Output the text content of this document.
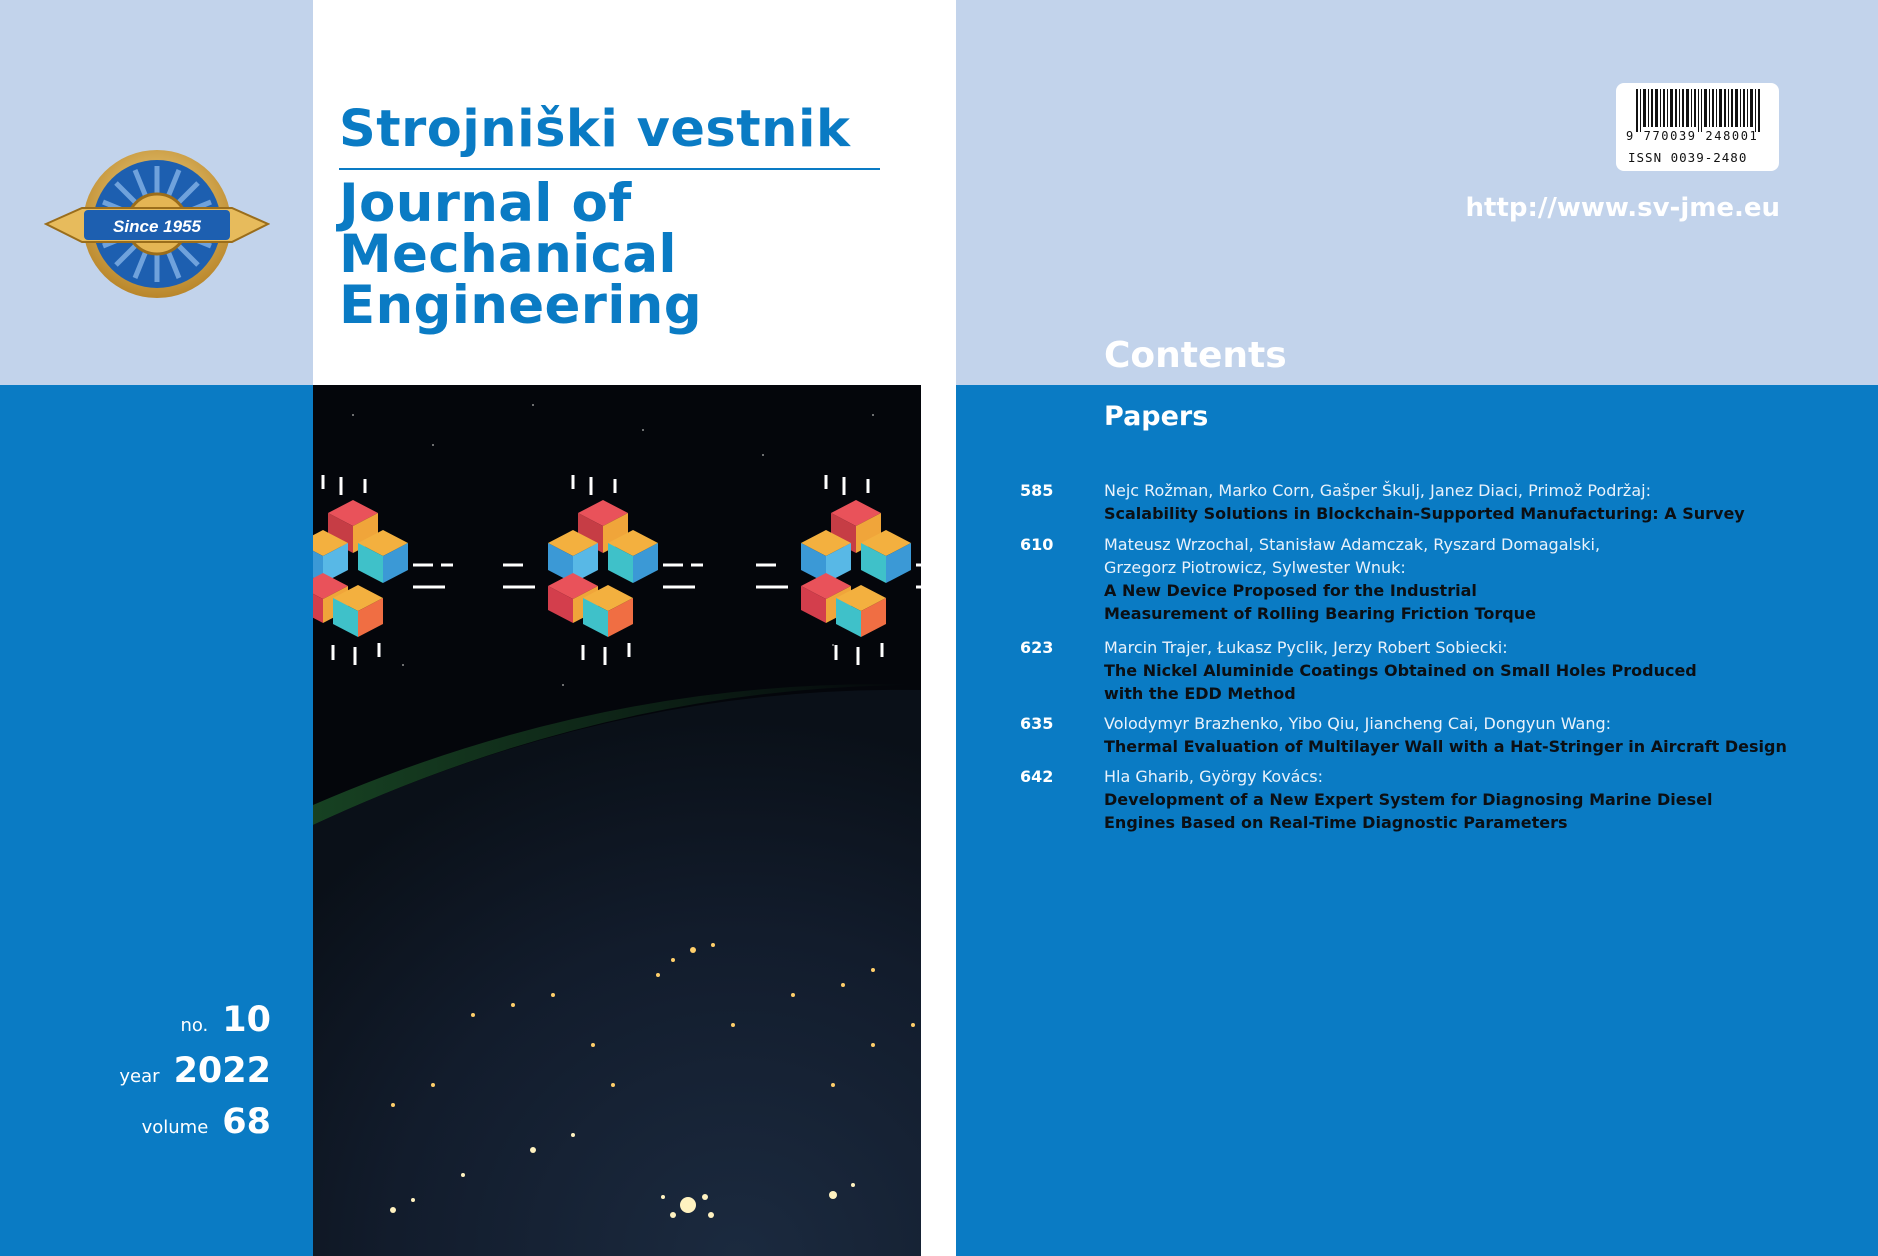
Since 1955
Strojniški vestnik
Journal of Mechanical Engineering
no. 10
year 2022
volume 68
9 770039 248001
ISSN 0039-2480
http://www.sv-jme.eu
Contents
Papers
585	Nejc Rožman, Marko Corn, Gašper Škulj, Janez Diaci, Primož Podržaj:
Scalability Solutions in Blockchain-Supported Manufacturing: A Survey
610	Mateusz Wrzochal, Stanisław Adamczak, Ryszard Domagalski, Grzegorz Piotrowicz, Sylwester Wnuk:
A New Device Proposed for the Industrial Measurement of Rolling Bearing Friction Torque
623	Marcin Trajer, Łukasz Pyclik, Jerzy Robert Sobiecki:
The Nickel Aluminide Coatings Obtained on Small Holes Produced with the EDD Method
635	Volodymyr Brazhenko, Yibo Qiu, Jiancheng Cai, Dongyun Wang:
Thermal Evaluation of Multilayer Wall with a Hat-Stringer in Aircraft Design
642	Hla Gharib, György Kovács:
Development of a New Expert System for Diagnosing Marine Diesel Engines Based on Real-Time Diagnostic Parameters
